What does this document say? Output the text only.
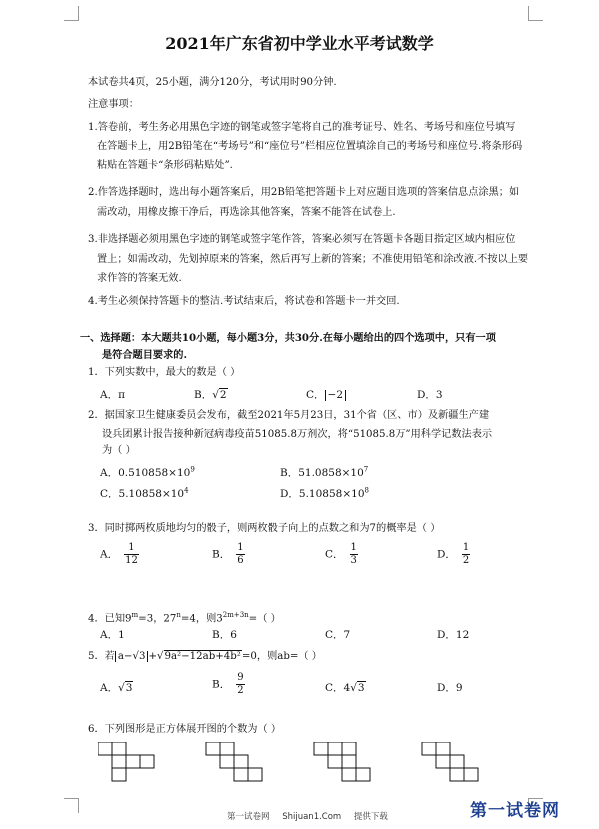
2021年广东省初中学业水平考试数学
本试卷共4页，25小题，满分120分，考试用时90分钟.
注意事项：
1.答卷前，考生务必用黑色字迹的钢笔或签字笔将自己的准考证号、姓名、考场号和座位号填写
在答题卡上，用2B铅笔在“考场号”和“座位号”栏相应位置填涂自己的考场号和座位号.将条形码
粘贴在答题卡“条形码粘贴处”.
2.作答选择题时，选出每小题答案后，用2B铅笔把答题卡上对应题目选项的答案信息点涂黑；如
需改动，用橡皮擦干净后，再选涂其他答案，答案不能答在试卷上.
3.非选择题必须用黑色字迹的钢笔或签字笔作答，答案必须写在答题卡各题目指定区域内相应位
置上；如需改动，先划掉原来的答案，然后再写上新的答案；不准使用铅笔和涂改液.不按以上要
求作答的答案无效.
4.考生必须保持答题卡的整洁.考试结束后，将试卷和答题卡一并交回.
一、选择题：本大题共10小题，每小题3分，共30分.在每小题给出的四个选项中，只有一项
是符合题目要求的.
1．下列实数中，最大的数是（ ）
A．π	B．√2	C． −2	D．3
2．据国家卫生健康委员会发布，截至2021年5月23日，31个省（区、市）及新疆生产建
设兵团累计报告接种新冠病毒疫苗51085.8万剂次，将“51085.8万”用科学记数法表示
为（ ）
A．$0.510858\times 10^9$	B．$51.0858\times 10^7$
C．$5.10858\times 10^4$	D．$5.10858\times 10^8$
3．同时掷两枚质地均匀的骰子，则两枚骰子向上的点数之和为7的概率是（ ）
A． $\frac{1}{12}$	B． $\frac{1}{6}$	C． $\frac{1}{3}$	D． $\frac{1}{2}$
4．已知$9^m=3$，$27^n=4$，则$3^{2m+3n}=$（ ）
A．1	B．6	C．7	D．12
5．若 a−√3 +√9a²−12ab+4b²=0，则ab=（ ）
A．√3	B． $\frac{9}{2}$	C．4√3	D．9
6．下列图形是正方体展开图的个数为（ ）
第一试卷网 Shijuan1.Com 提供下载	第一试卷网
